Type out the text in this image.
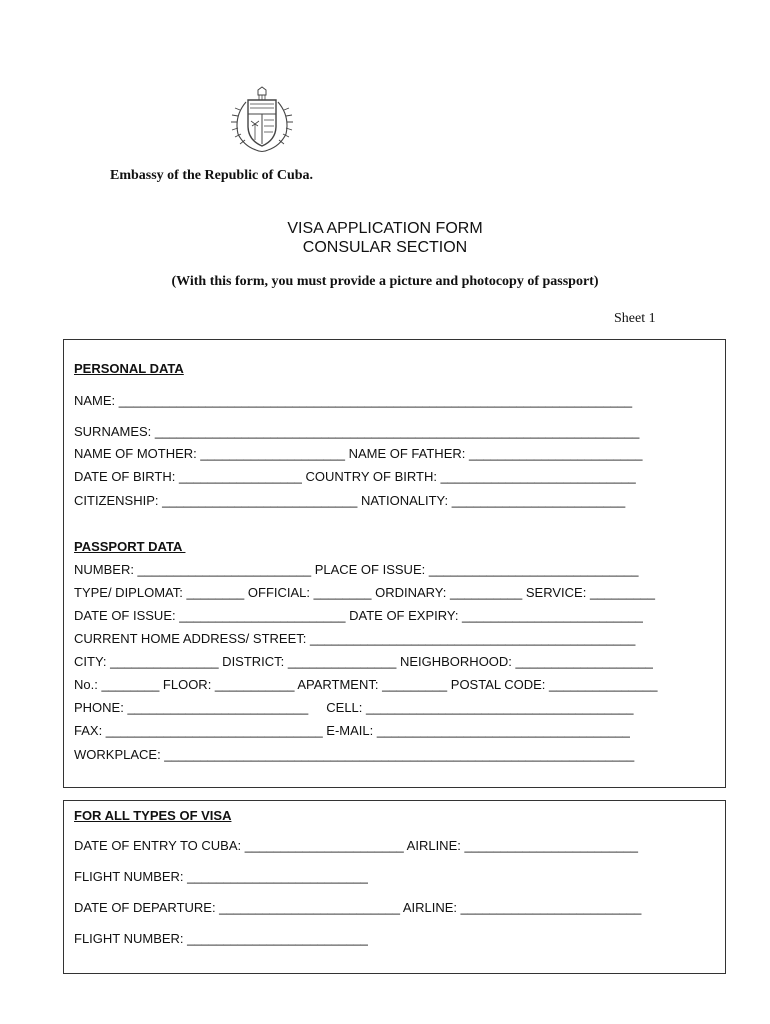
Embassy of the Republic of Cuba.
VISA APPLICATION FORM
CONSULAR SECTION
(With this form, you must provide a picture and photocopy of passport)
Sheet 1
PERSONAL DATA
NAME: _______________________________________________________________________
SURNAMES: ___________________________________________________________________
NAME OF MOTHER: ____________________ NAME OF FATHER: ________________________
DATE OF BIRTH: _________________ COUNTRY OF BIRTH: ___________________________
CITIZENSHIP: ___________________________ NATIONALITY: ________________________
PASSPORT DATA
NUMBER: ________________________ PLACE OF ISSUE: _____________________________
TYPE/ DIPLOMAT: ________ OFFICIAL: ________ ORDINARY: __________ SERVICE: _________
DATE OF ISSUE: _______________________ DATE OF EXPIRY: _________________________
CURRENT HOME ADDRESS/ STREET: _____________________________________________
CITY: _______________ DISTRICT: _______________ NEIGHBORHOOD: ___________________
No.: ________ FLOOR: ___________ APARTMENT: _________ POSTAL CODE: _______________
PHONE: _________________________     CELL: _____________________________________
FAX: ______________________________ E-MAIL: ___________________________________
WORKPLACE: _________________________________________________________________
FOR ALL TYPES OF VISA
DATE OF ENTRY TO CUBA: ______________________ AIRLINE: ________________________
FLIGHT NUMBER: _________________________
DATE OF DEPARTURE: _________________________ AIRLINE: _________________________
FLIGHT NUMBER: _________________________
